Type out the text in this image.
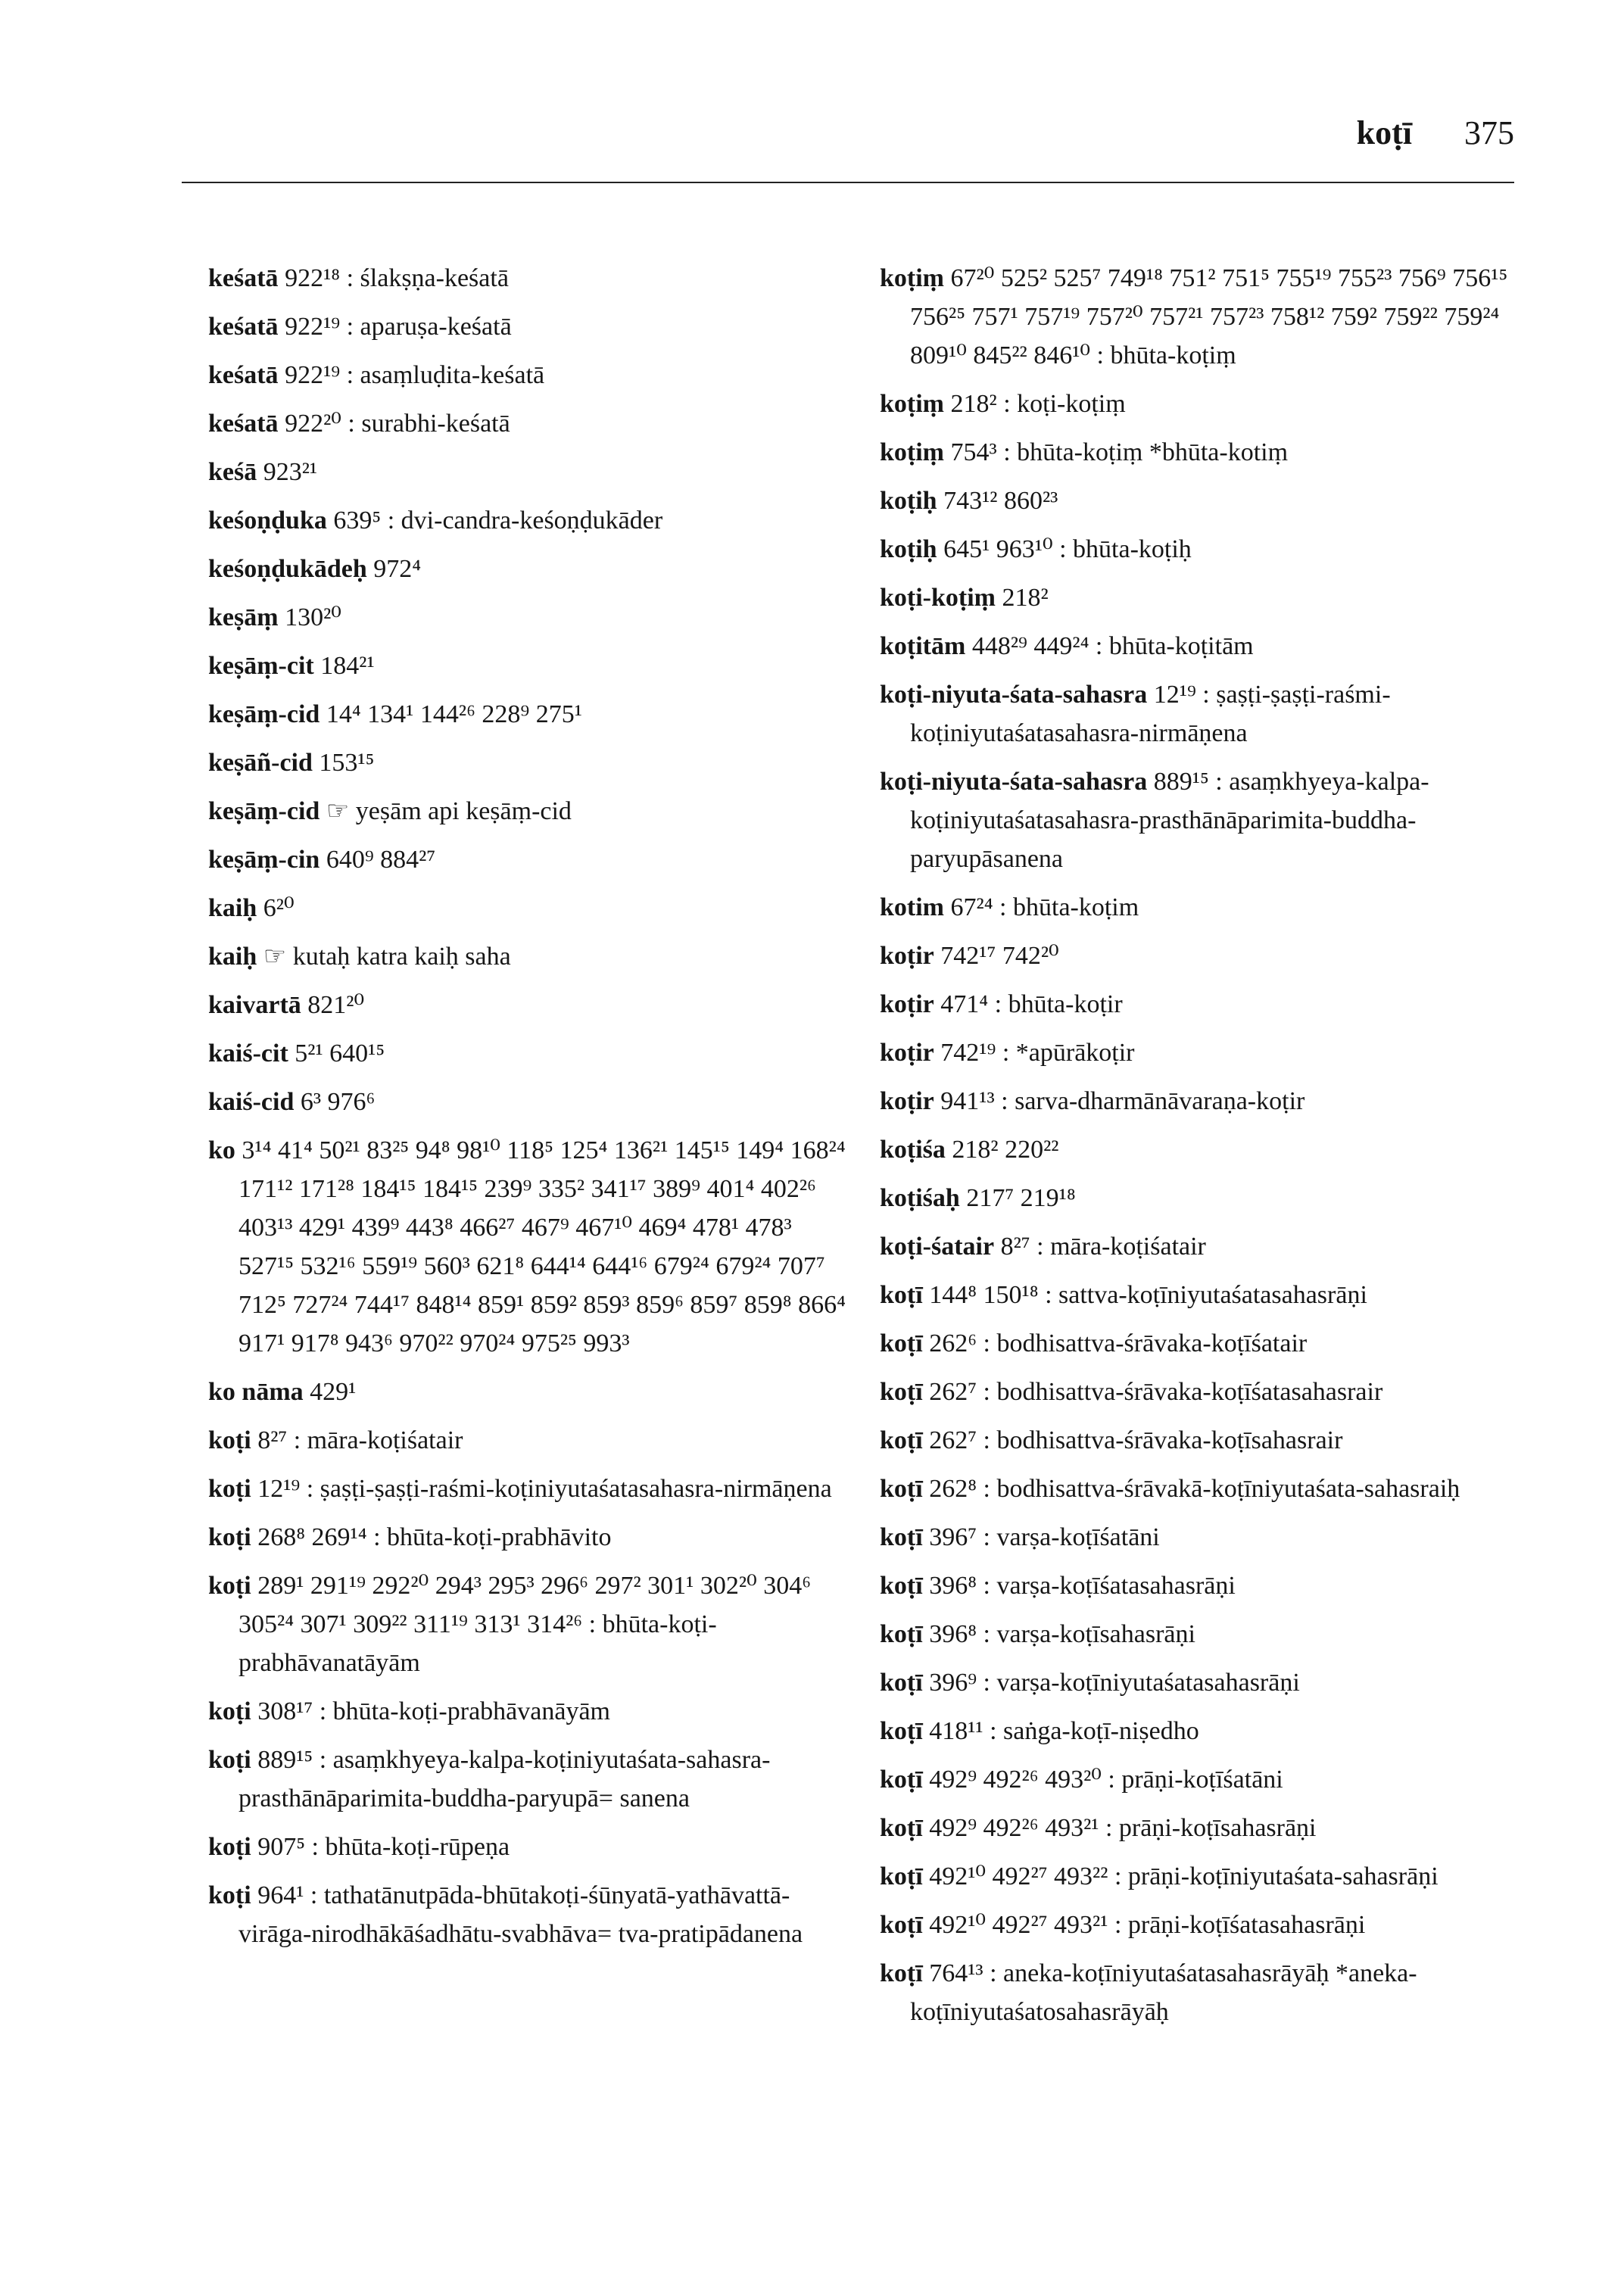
koṭī 375
keśatā 922¹⁸ : ślakṣṇa-keśatā
keśatā 922¹⁹ : aparuṣa-keśatā
keśatā 922¹⁹ : asaṃluḍita-keśatā
keśatā 922²⁰ : surabhi-keśatā
keśā 923²¹
keśoṇḍuka 639⁵ : dvi-candra-keśoṇḍukāder
keśoṇḍukādeḥ 972⁴
keṣāṃ 130²⁰
keṣāṃ-cit 184²¹
keṣāṃ-cid 14⁴ 134¹ 144²⁶ 228⁹ 275¹
keṣāñ-cid 153¹⁵
keṣāṃ-cid ☞ yeṣām api keṣāṃ-cid
keṣāṃ-cin 640⁹ 884²⁷
kaiḥ 6²⁰
kaiḥ ☞ kutaḥ katra kaiḥ saha
kaivartā 821²⁰
kaiś-cit 5²¹ 640¹⁵
kaiś-cid 6³ 976⁶
ko 3¹⁴ 41⁴ 50²¹ 83²⁵ 94⁸ 98¹⁰ 118⁵ 125⁴ 136²¹ 145¹⁵ 149⁴ 168²⁴ 171¹² 171²⁸ 184¹⁵ 184¹⁵ 239⁹ 335² 341¹⁷ 389⁹ 401⁴ 402²⁶ 403¹³ 429¹ 439⁹ 443⁸ 466²⁷ 467⁹ 467¹⁰ 469⁴ 478¹ 478³ 527¹⁵ 532¹⁶ 559¹⁹ 560³ 621⁸ 644¹⁴ 644¹⁶ 679²⁴ 679²⁴ 707⁷ 712⁵ 727²⁴ 744¹⁷ 848¹⁴ 859¹ 859² 859³ 859⁶ 859⁷ 859⁸ 866⁴ 917¹ 917⁸ 943⁶ 970²² 970²⁴ 975²⁵ 993³
ko nāma 429¹
koṭi 8²⁷ : māra-koṭiśatair
koṭi 12¹⁹ : ṣaṣṭi-ṣaṣṭi-raśmi-koṭiniyutaśatasahasra-nirmāṇena
koṭi 268⁸ 269¹⁴ : bhūta-koṭi-prabhāvito
koṭi 289¹ 291¹⁹ 292²⁰ 294³ 295³ 296⁶ 297² 301¹ 302²⁰ 304⁶ 305²⁴ 307¹ 309²² 311¹⁹ 313¹ 314²⁶ : bhūta-koṭi-prabhāvanatāyām
koṭi 308¹⁷ : bhūta-koṭi-prabhāvanāyām
koṭi 889¹⁵ : asaṃkhyeya-kalpa-koṭiniyutaśata-sahasra-prasthānāparimita-buddha-paryupā= sanena
koṭi 907⁵ : bhūta-koṭi-rūpeṇa
koṭi 964¹ : tathatānutpāda-bhūtakoṭi-śūnyatā-yathāvattā-virāga-nirodhākāśadhātu-svabhāva= tva-pratipādanena
koṭiṃ 67²⁰ 525² 525⁷ 749¹⁸ 751² 751⁵ 755¹⁹ 755²³ 756⁹ 756¹⁵ 756²⁵ 757¹ 757¹⁹ 757²⁰ 757²¹ 757²³ 758¹² 759² 759²² 759²⁴ 809¹⁰ 845²² 846¹⁰ : bhūta-koṭiṃ
koṭiṃ 218² : koṭi-koṭiṃ
koṭiṃ 754³ : bhūta-koṭiṃ *bhūta-kotiṃ
koṭiḥ 743¹² 860²³
koṭiḥ 645¹ 963¹⁰ : bhūta-koṭiḥ
koṭi-koṭiṃ 218²
koṭitām 448²⁹ 449²⁴ : bhūta-koṭitām
koṭi-niyuta-śata-sahasra 12¹⁹ : ṣaṣṭi-ṣaṣṭi-raśmi-koṭiniyutaśatasahasra-nirmāṇena
koṭi-niyuta-śata-sahasra 889¹⁵ : asaṃkhyeya-kalpa-koṭiniyutaśatasahasra-prasthānāparimita-buddha-paryupāsanena
kotim 67²⁴ : bhūta-koṭim
koṭir 742¹⁷ 742²⁰
koṭir 471⁴ : bhūta-koṭir
koṭir 742¹⁹ : *apūrākoṭir
koṭir 941¹³ : sarva-dharmānāvaraṇa-koṭir
koṭiśa 218² 220²²
koṭiśaḥ 217⁷ 219¹⁸
koṭi-śatair 8²⁷ : māra-koṭiśatair
koṭī 144⁸ 150¹⁸ : sattva-koṭīniyutaśatasahasrāṇi
koṭī 262⁶ : bodhisattva-śrāvaka-koṭīśatair
koṭī 262⁷ : bodhisattva-śrāvaka-koṭīśatasahasrair
koṭī 262⁷ : bodhisattva-śrāvaka-koṭīsahasrair
koṭī 262⁸ : bodhisattva-śrāvakā-koṭīniyutaśata-sahasraiḥ
koṭī 396⁷ : varṣa-koṭīśatāni
koṭī 396⁸ : varṣa-koṭīśatasahasrāṇi
koṭī 396⁸ : varṣa-koṭīsahasrāṇi
koṭī 396⁹ : varṣa-koṭīniyutaśatasahasrāṇi
koṭī 418¹¹ : saṅga-koṭī-niṣedho
koṭī 492⁹ 492²⁶ 493²⁰ : prāṇi-koṭīśatāni
koṭī 492⁹ 492²⁶ 493²¹ : prāṇi-koṭīsahasrāṇi
koṭī 492¹⁰ 492²⁷ 493²² : prāṇi-koṭīniyutaśata-sahasrāṇi
koṭī 492¹⁰ 492²⁷ 493²¹ : prāṇi-koṭīśatasahasrāṇi
koṭī 764¹³ : aneka-koṭīniyutaśatasahasrāyāḥ *aneka-koṭīniyutaśatosahasrāyāḥ
